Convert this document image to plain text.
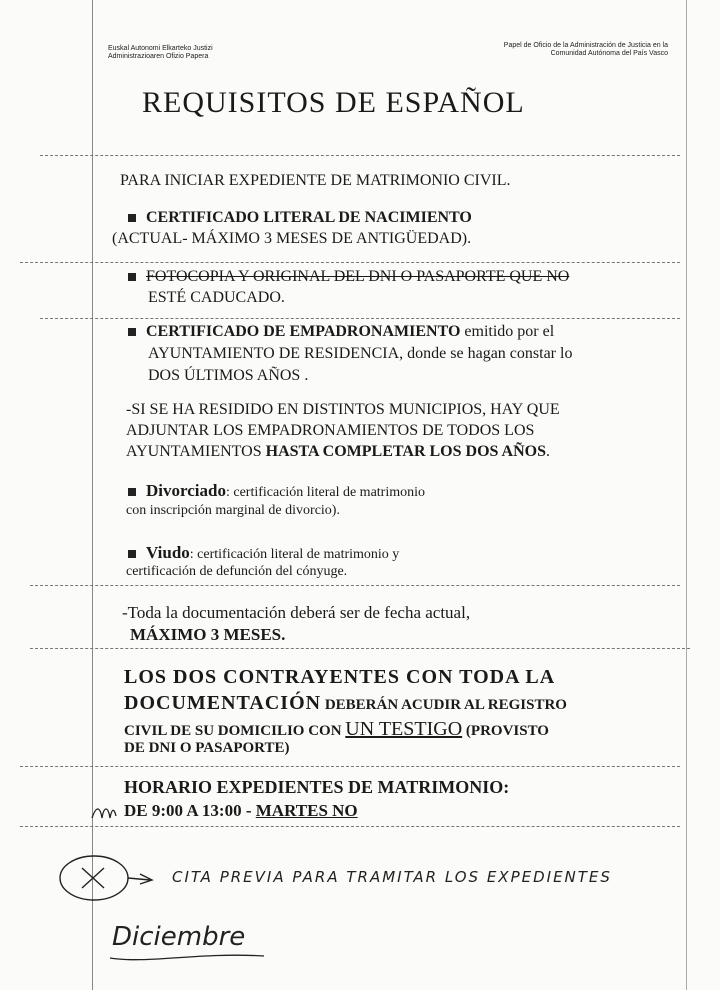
Euskal Autonomi Elkarteko Justizi
Administrazioaren Ofizio Papera
Papel de Oficio de la Administración de Justicia en la
Comunidad Autónoma del País Vasco
REQUISITOS DE ESPAÑOL
PARA INICIAR EXPEDIENTE DE MATRIMONIO CIVIL.
CERTIFICADO LITERAL DE NACIMIENTO
(ACTUAL- MÁXIMO 3 MESES DE ANTIGÜEDAD).
FOTOCOPIA Y ORIGINAL DEL DNI O PASAPORTE QUE NO
ESTÉ CADUCADO.
CERTIFICADO DE EMPADRONAMIENTO emitido por el
AYUNTAMIENTO DE RESIDENCIA, donde se hagan constar lo
DOS ÚLTIMOS AÑOS .
-SI SE HA RESIDIDO EN DISTINTOS MUNICIPIOS, HAY QUE
ADJUNTAR LOS EMPADRONAMIENTOS DE TODOS LOS
AYUNTAMIENTOS HASTA COMPLETAR LOS DOS AÑOS.
Divorciado: certificación literal de matrimonio
con inscripción marginal de divorcio).
Viudo: certificación literal de matrimonio y
certificación de defunción del cónyuge.
-Toda la documentación deberá ser de fecha actual,
MÁXIMO 3 MESES.
LOS DOS CONTRAYENTES CON TODA LA
DOCUMENTACIÓN DEBERÁN ACUDIR AL REGISTRO
CIVIL DE SU DOMICILIO CON UN TESTIGO (PROVISTO
DE DNI O PASAPORTE)
HORARIO EXPEDIENTES DE MATRIMONIO:
DE 9:00 A 13:00 - MARTES NO
CITA PREVIA PARA TRAMITAR LOS EXPEDIENTES
Diciembre
